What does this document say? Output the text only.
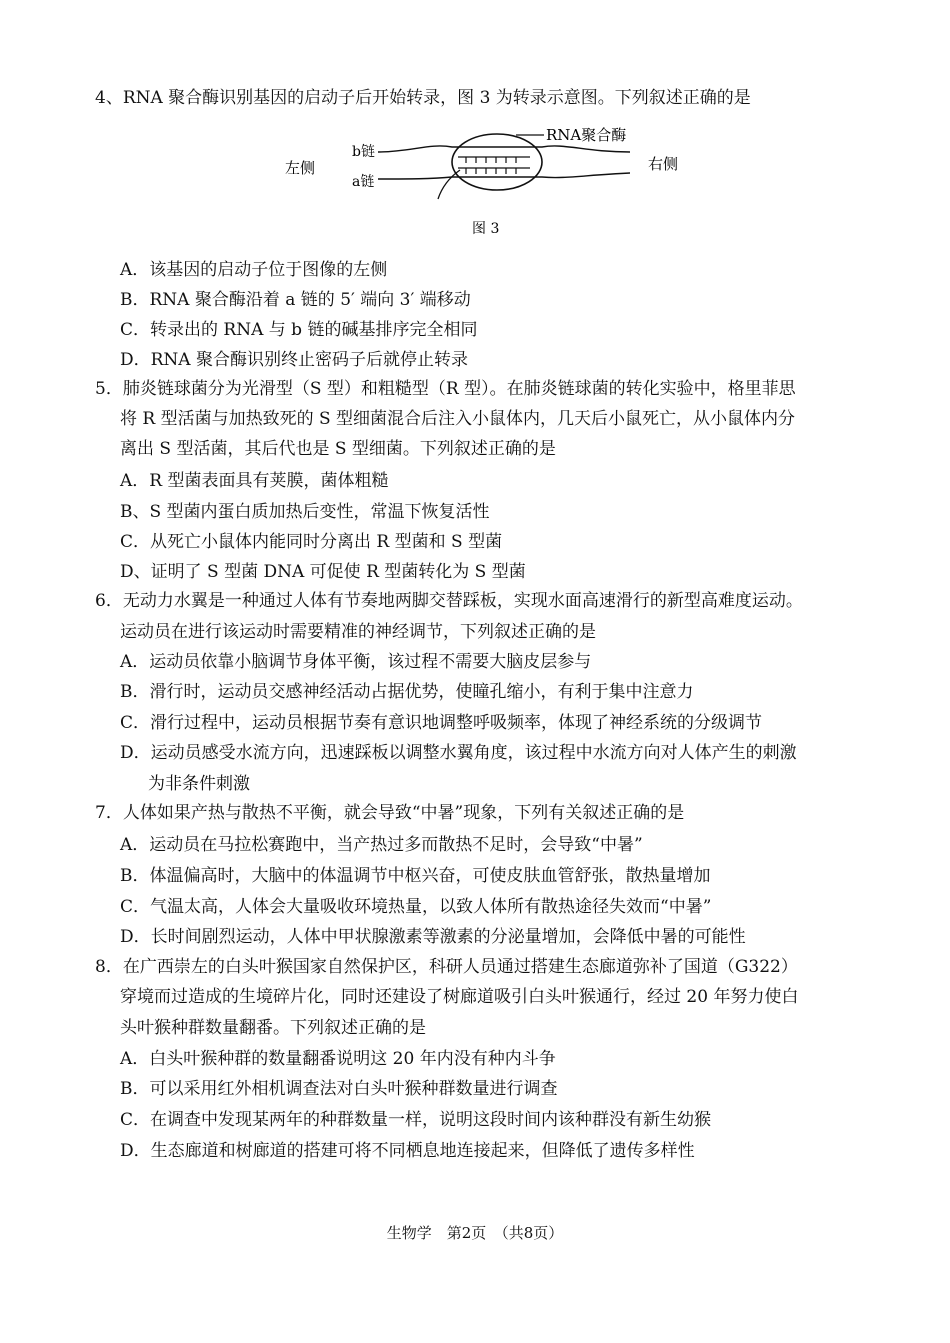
4、RNA 聚合酶识别基因的启动子后开始转录，图 3 为转录示意图。下列叙述正确的是
左侧	右侧
b链
a链
RNA聚合酶
图 3
A．该基因的启动子位于图像的左侧
B．RNA 聚合酶沿着 a 链的 5′ 端向 3′ 端移动
C．转录出的 RNA 与 b 链的碱基排序完全相同
D．RNA 聚合酶识别终止密码子后就停止转录
5．肺炎链球菌分为光滑型（S 型）和粗糙型（R 型）。在肺炎链球菌的转化实验中，格里菲思
将 R 型活菌与加热致死的 S 型细菌混合后注入小鼠体内，几天后小鼠死亡，从小鼠体内分
离出 S 型活菌，其后代也是 S 型细菌。下列叙述正确的是
A．R 型菌表面具有荚膜，菌体粗糙
B、S 型菌内蛋白质加热后变性，常温下恢复活性
C．从死亡小鼠体内能同时分离出 R 型菌和 S 型菌
D、证明了 S 型菌 DNA 可促使 R 型菌转化为 S 型菌
6．无动力水翼是一种通过人体有节奏地两脚交替踩板，实现水面高速滑行的新型高难度运动。
运动员在进行该运动时需要精准的神经调节，下列叙述正确的是
A．运动员依靠小脑调节身体平衡，该过程不需要大脑皮层参与
B．滑行时，运动员交感神经活动占据优势，使瞳孔缩小，有利于集中注意力
C．滑行过程中，运动员根据节奏有意识地调整呼吸频率，体现了神经系统的分级调节
D．运动员感受水流方向，迅速踩板以调整水翼角度，该过程中水流方向对人体产生的刺激
为非条件刺激
7．人体如果产热与散热不平衡，就会导致“中暑”现象，下列有关叙述正确的是
A．运动员在马拉松赛跑中，当产热过多而散热不足时，会导致“中暑”
B．体温偏高时，大脑中的体温调节中枢兴奋，可使皮肤血管舒张，散热量增加
C．气温太高，人体会大量吸收环境热量，以致人体所有散热途径失效而“中暑”
D．长时间剧烈运动，人体中甲状腺激素等激素的分泌量增加，会降低中暑的可能性
8．在广西崇左的白头叶猴国家自然保护区，科研人员通过搭建生态廊道弥补了国道（G322）
穿境而过造成的生境碎片化，同时还建设了树廊道吸引白头叶猴通行，经过 20 年努力使白
头叶猴种群数量翻番。下列叙述正确的是
A．白头叶猴种群的数量翻番说明这 20 年内没有种内斗争
B．可以采用红外相机调查法对白头叶猴种群数量进行调查
C．在调查中发现某两年的种群数量一样，说明这段时间内该种群没有新生幼猴
D．生态廊道和树廊道的搭建可将不同栖息地连接起来，但降低了遗传多样性
生物学　第2页　（共8页）
